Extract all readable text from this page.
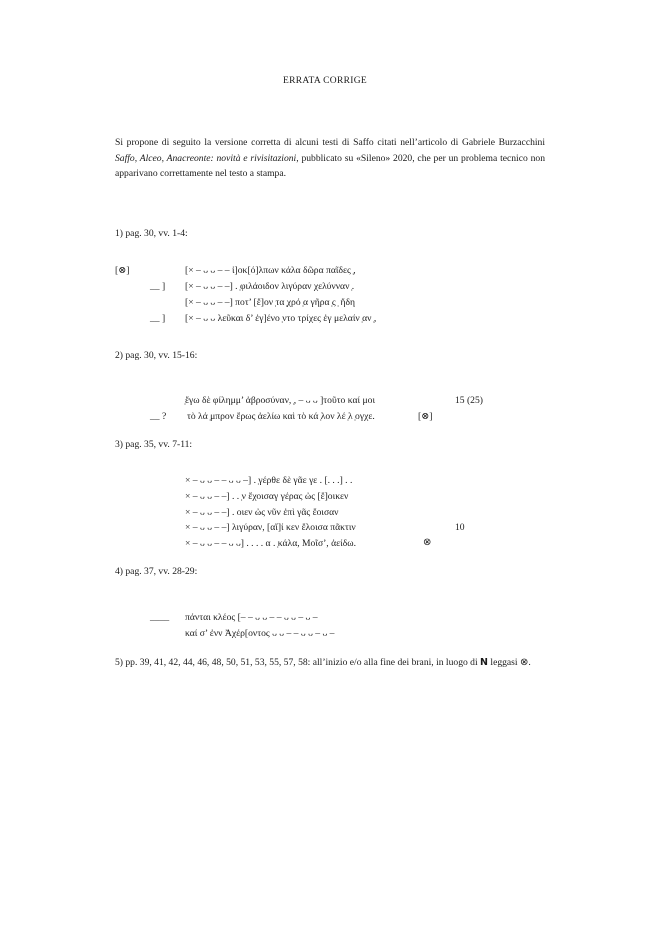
ERRATA CORRIGE
Si propone di seguito la versione corretta di alcuni testi di Saffo citati nell’articolo di Gabriele Burzacchini Saffo, Alceo, Anacreonte: novità e rivisitazioni, pubblicato su «Sileno» 2020, che per un problema tecnico non apparivano correttamente nel testo a stampa.
1) pag. 30, vv. 1-4:
[⊗]	[× – ᴗ ᴗ – – ἰ]οκ[ό]λπων κάλα δῶρα παῖδες ̣,
__ ] [× – ᴗ ᴗ – –] . ̣φιλάοιδον λιγύραν χελύνναν ̣.
[× – ᴗ ᴗ – –] ποτ’ [ἔ]ον ̣τα ̣χρό ̣α γῆρα ̣ς ̣ ἤδη
__ ] [× – ᴗ ᴗ λεῦκαι δ’ ἐγ]ένο ̣ντο τρίχες ἐγ μελαίν ̣αν ̣,
2) pag. 30, vv. 15-16:
̣ἔγω δὲ φίλημμ’ ἀβροσύναν, ̣, – ᴗ ᴗ ]τοῦτο καί μοι	15 (25)
__ ? τὸ λά ̣μπρον ἔρως ἀελίω καὶ τὸ κά ̣λον λέ ̣λ ̣ογχε.	[⊗]
3) pag. 35, vv. 7-11:
× – ᴗ ᴗ – – ᴗ ᴗ –] . ̣γέρθε δὲ γᾶε γε . [. . .] . .
× – ᴗ ᴗ – –] . . ̣ν ἔχοισαγ γέρας ὠς [ἔ]οικεν
× – ᴗ ᴗ – –] . οιεν ὠς νῦν ἐπὶ γᾶς ἔοισαν
× – ᴗ ᴗ – –] λιγύραν, [αἴ]ί κεν ἔλοισα πᾶκτιν	10
× – ᴗ ᴗ – – ᴗ ᴗ] . . . . α . ̣κάλα, Μοῖσ’, ἀείδω.	⊗
4) pag. 37, vv. 28-29:
____ πάνται κλέος [– – ᴗ ᴗ – – ᴗ ᴗ – ᴗ –
καί σ’ ἐνν Ἀχέρ[οντος ᴗ ᴗ – – ᴗ ᴗ – ᴗ –
5) pp. 39, 41, 42, 44, 46, 48, 50, 51, 53, 55, 57, 58: all’inizio e/o alla fine dei brani, in luogo di N leggasi ⊗.
